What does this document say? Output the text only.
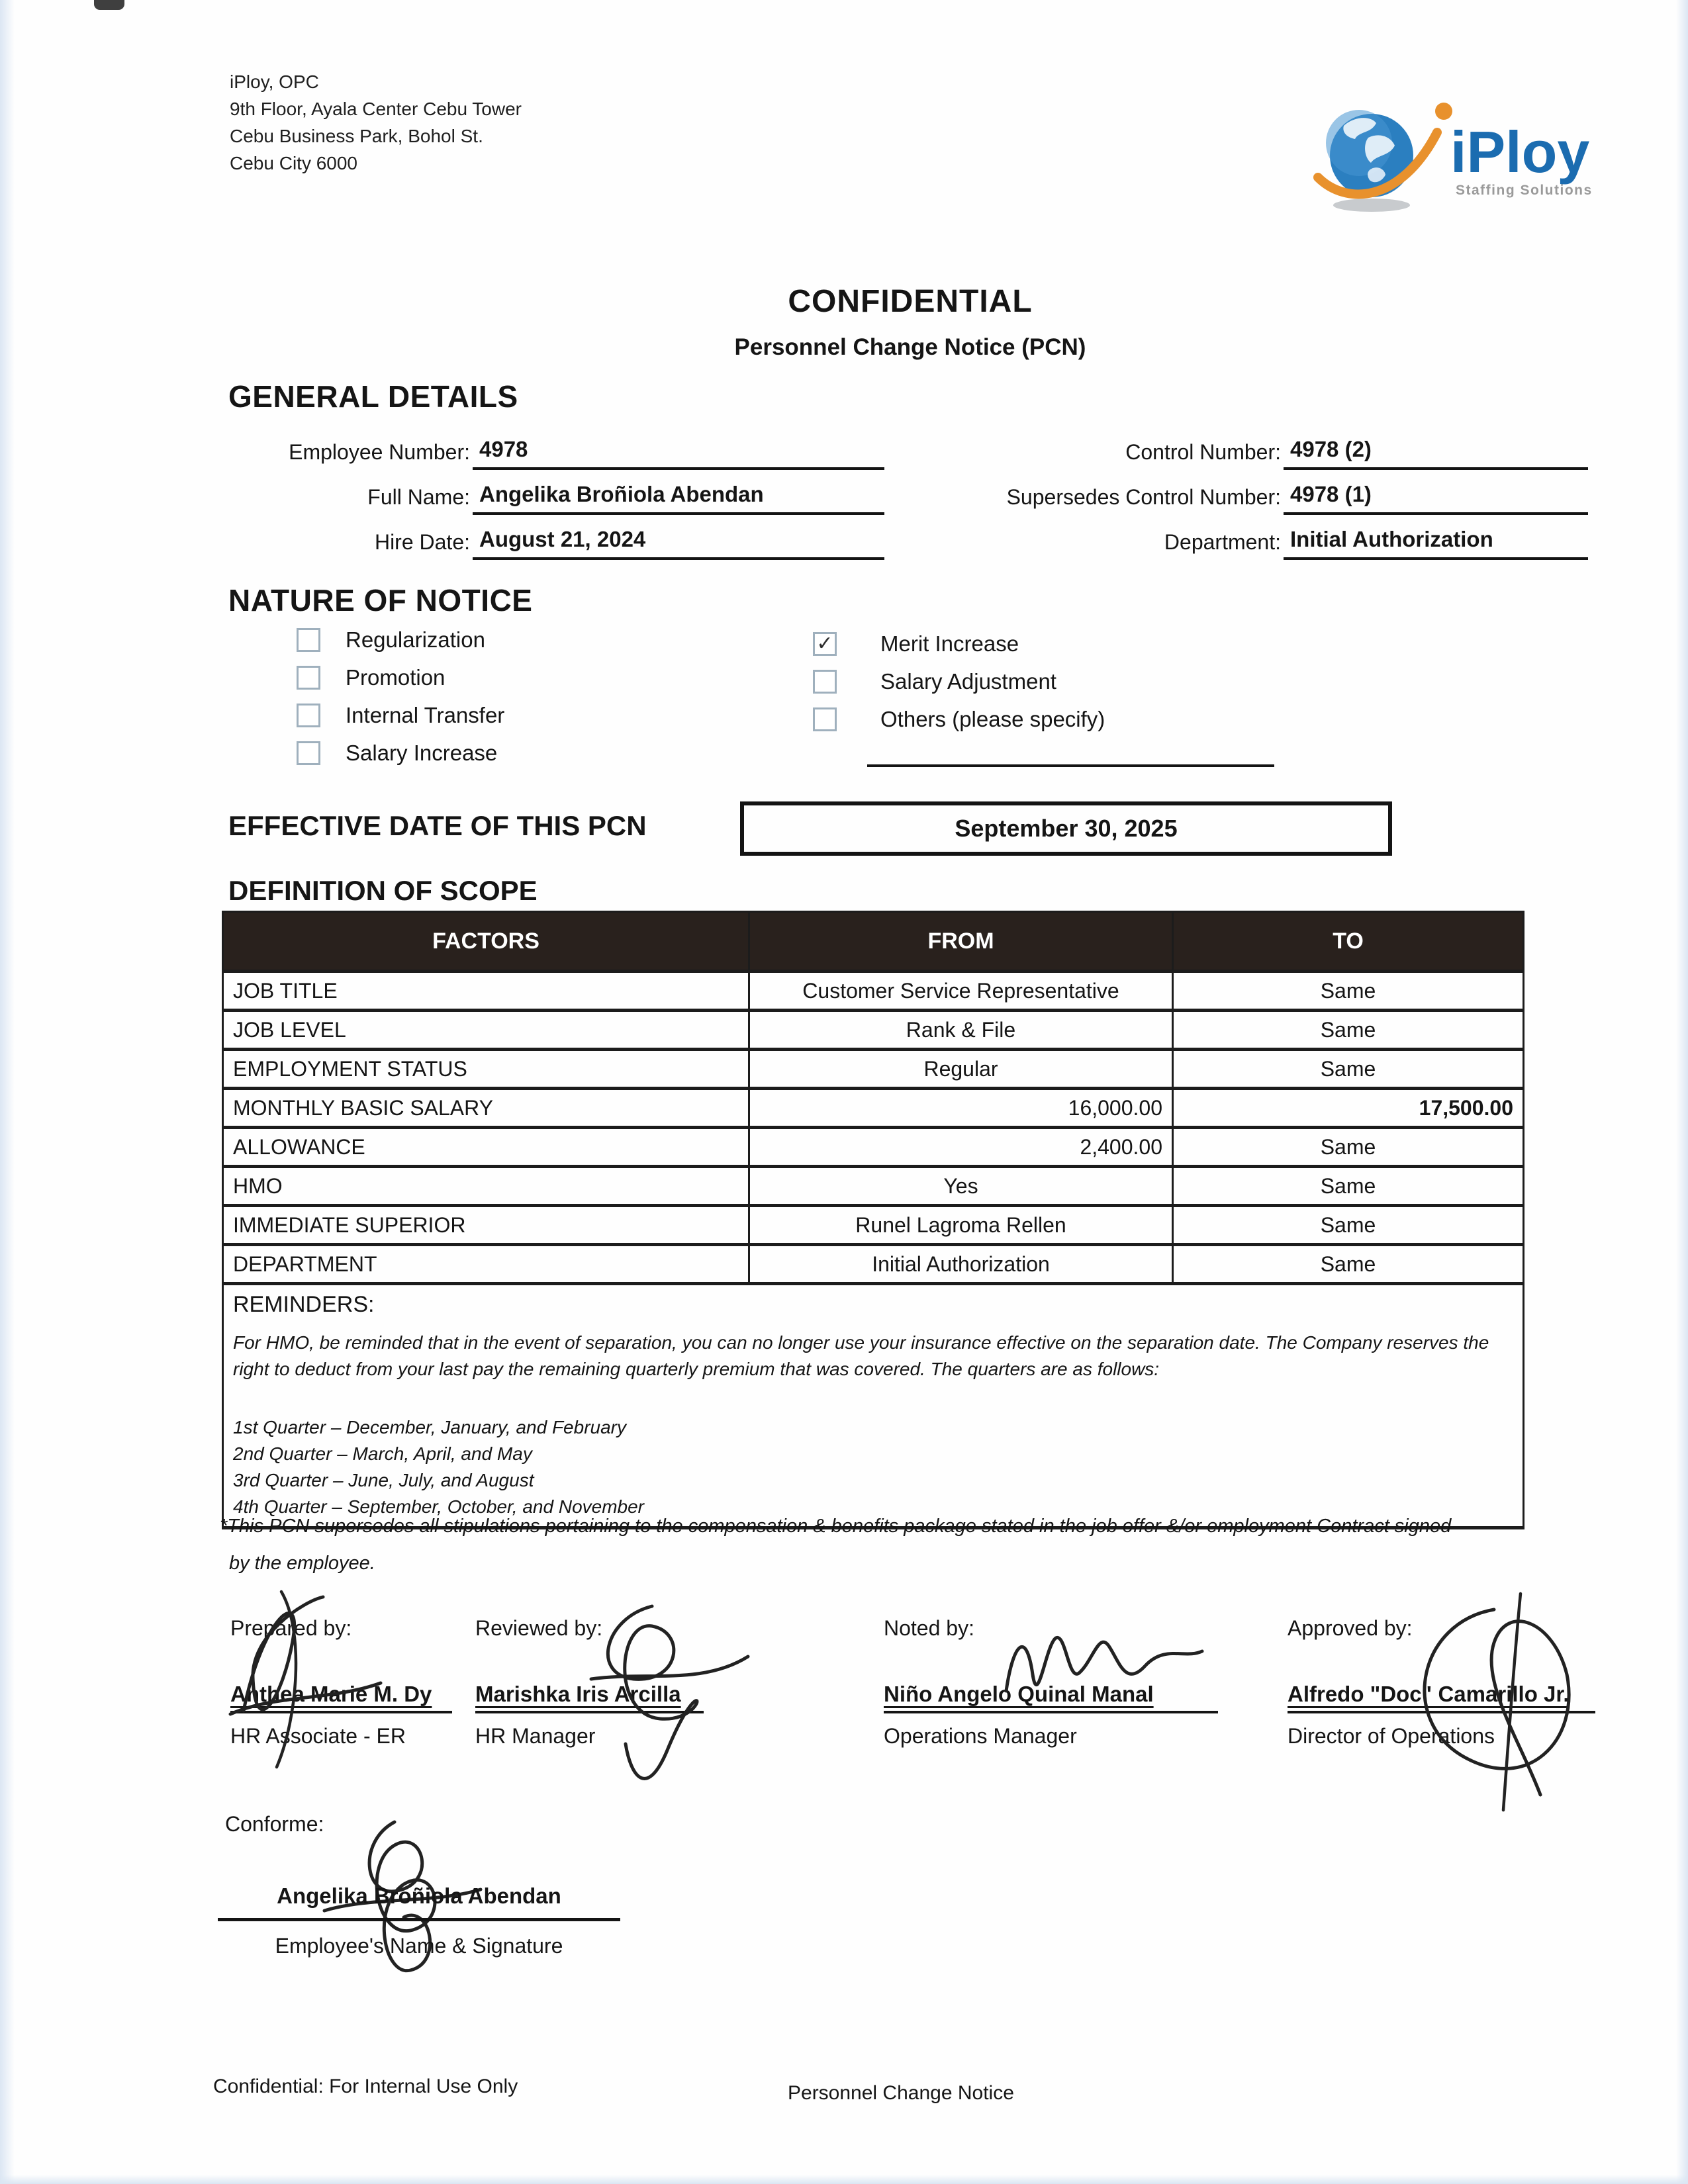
iPloy, OPC
9th Floor, Ayala Center Cebu Tower
Cebu Business Park, Bohol St.
Cebu City 6000	iPloy
Staffing Solutions
CONFIDENTIAL
Personnel Change Notice (PCN)
GENERAL DETAILS
Employee Number: 4978
Full Name: Angelika Broñiola Abendan
Hire Date: August 21, 2024
Control Number: 4978 (2)
Supersedes Control Number: 4978 (1)
Department: Initial Authorization
NATURE OF NOTICE
Regularization
Promotion
Internal Transfer
Salary Increase
✓ Merit Increase
Salary Adjustment
Others (please specify)
EFFECTIVE DATE OF THIS PCN	September 30, 2025
DEFINITION OF SCOPE
FACTORS	FROM	TO
JOB TITLE	Customer Service Representative	Same
JOB LEVEL	Rank & File	Same
EMPLOYMENT STATUS	Regular	Same
MONTHLY BASIC SALARY	16,000.00	17,500.00
ALLOWANCE	2,400.00	Same
HMO	Yes	Same
IMMEDIATE SUPERIOR	Runel Lagroma Rellen	Same
DEPARTMENT	Initial Authorization	Same

REMINDERS:
For HMO, be reminded that in the event of separation, you can no longer use your insurance effective on the separation date. The Company reserves the right to deduct from your last pay the remaining quarterly premium that was covered. The quarters are as follows:
1st Quarter – December, January, and February
2nd Quarter – March, April, and May
3rd Quarter – June, July, and August
4th Quarter – September, October, and November
*This PCN supersedes all stipulations pertaining to the compensation & benefits package stated in the job offer &/or employment Contract signed
by the employee.
Prepared by:
Anthea Marie M. Dy
HR Associate - ER
Reviewed by:
Marishka Iris Arcilla
HR Manager
Noted by:
Niño Angelo Quinal Manal
Operations Manager
Approved by:
Alfredo "Doc" Camarillo Jr.
Director of Operations
Conforme:
Angelika Broñiola Abendan
Employee's Name & Signature
Confidential: For Internal Use Only	Personnel Change Notice
